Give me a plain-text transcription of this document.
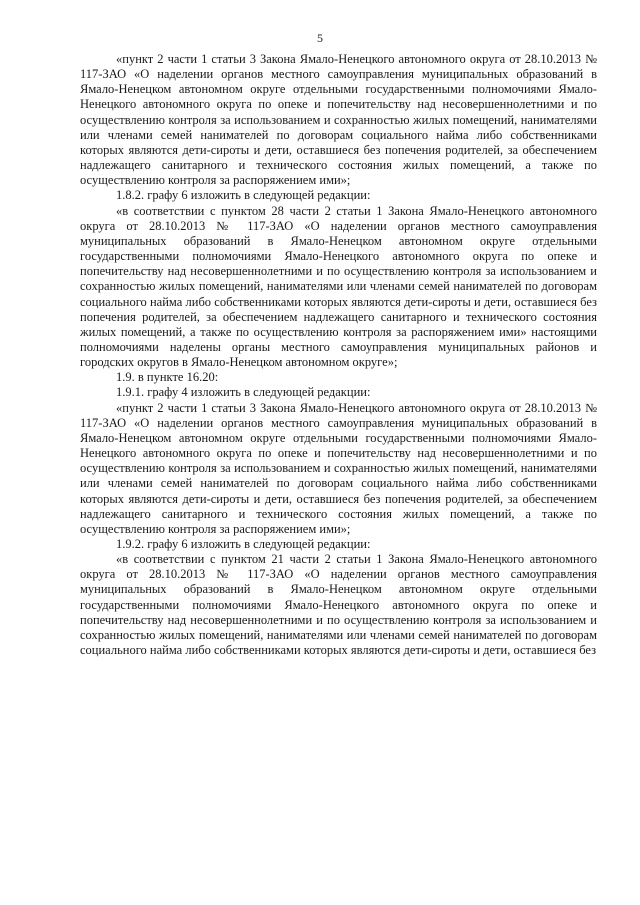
5

«пункт 2 части 1 статьи 3 Закона Ямало-Ненецкого автономного округа от 28.10.2013 № 117-ЗАО «О наделении органов местного самоуправления муниципальных образований в Ямало-Ненецком автономном округе отдельными государственными полномочиями Ямало-Ненецкого автономного округа по опеке и попечительству над несовершеннолетними и по осуществлению контроля за использованием и сохранностью жилых помещений, нанимателями или членами семей нанимателей по договорам социального найма либо собственниками которых являются дети-сироты и дети, оставшиеся без попечения родителей, за обеспечением надлежащего санитарного и технического состояния жилых помещений, а также по осуществлению контроля за распоряжением ими»;

1.8.2. графу 6 изложить в следующей редакции:

«в соответствии с пунктом 28 части 2 статьи 1 Закона Ямало-Ненецкого автономного округа от 28.10.2013 № 117-ЗАО «О наделении органов местного самоуправления муниципальных образований в Ямало-Ненецком автономном округе отдельными государственными полномочиями Ямало-Ненецкого автономного округа по опеке и попечительству над несовершеннолетними и по осуществлению контроля за использованием и сохранностью жилых помещений, нанимателями или членами семей нанимателей по договорам социального найма либо собственниками которых являются дети-сироты и дети, оставшиеся без попечения родителей, за обеспечением надлежащего санитарного и технического состояния жилых помещений, а также по осуществлению контроля за распоряжением ими» настоящими полномочиями наделены органы местного самоуправления муниципальных районов и городских округов в Ямало-Ненецком автономном округе»;

1.9. в пункте 16.20:

1.9.1. графу 4 изложить в следующей редакции:

«пункт 2 части 1 статьи 3 Закона Ямало-Ненецкого автономного округа от 28.10.2013 № 117-ЗАО «О наделении органов местного самоуправления муниципальных образований в Ямало-Ненецком автономном округе отдельными государственными полномочиями Ямало-Ненецкого автономного округа по опеке и попечительству над несовершеннолетними и по осуществлению контроля за использованием и сохранностью жилых помещений, нанимателями или членами семей нанимателей по договорам социального найма либо собственниками которых являются дети-сироты и дети, оставшиеся без попечения родителей, за обеспечением надлежащего санитарного и технического состояния жилых помещений, а также по осуществлению контроля за распоряжением ими»;

1.9.2. графу 6 изложить в следующей редакции:

«в соответствии с пунктом 21 части 2 статьи 1 Закона Ямало-Ненецкого автономного округа от 28.10.2013 № 117-ЗАО «О наделении органов местного самоуправления муниципальных образований в Ямало-Ненецком автономном округе отдельными государственными полномочиями Ямало-Ненецкого автономного округа по опеке и попечительству над несовершеннолетними и по осуществлению контроля за использованием и сохранностью жилых помещений, нанимателями или членами семей нанимателей по договорам социального найма либо собственниками которых являются дети-сироты и дети, оставшиеся без
